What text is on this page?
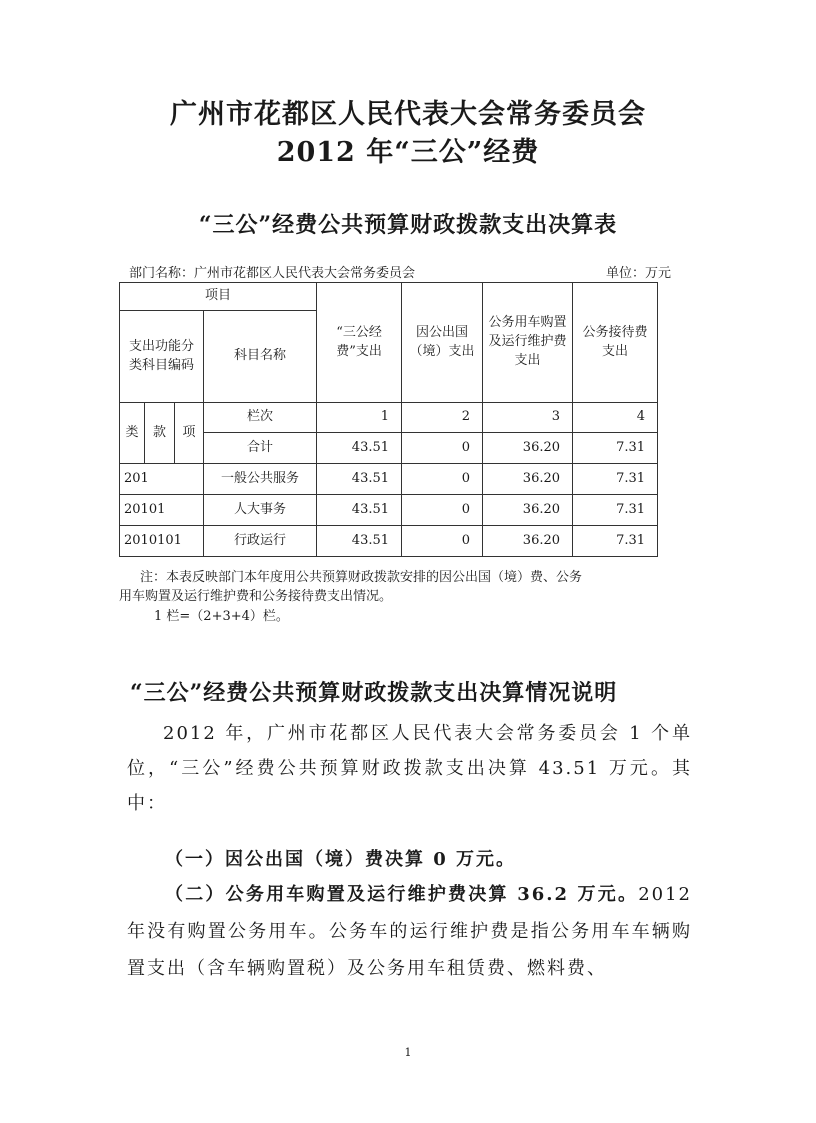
广州市花都区人民代表大会常务委员会
2012 年“三公”经费
“三公”经费公共预算财政拨款支出决算表
部门名称：广州市花都区人民代表大会常务委员会	单位：万元
项目				“三公经费”支出	因公出国（境）支出	公务用车购置及运行维护费支出	公务接待费支出
支出功能分类科目编码			科目名称				

类	款	项	栏次	1	2	3	4
			合计	43.51	0	36.20	7.31
201			一般公共服务	43.51	0	36.20	7.31
20101			人大事务	43.51	0	36.20	7.31
2010101			行政运行	43.51	0	36.20	7.31
注：本表反映部门本年度用公共预算财政拨款安排的因公出国（境）费、公务
用车购置及运行维护费和公务接待费支出情况。
1 栏=（2+3+4）栏。
“三公”经费公共预算财政拨款支出决算情况说明
2012 年，广州市花都区人民代表大会常务委员会 1 个单位，“三公”经费公共预算财政拨款支出决算 43.51 万元。其中：
（一）因公出国（境）费决算 0 万元。
（二）公务用车购置及运行维护费决算 36.2 万元。2012 年没有购置公务用车。公务车的运行维护费是指公务用车车辆购置支出（含车辆购置税）及公务用车租赁费、燃料费、
1
